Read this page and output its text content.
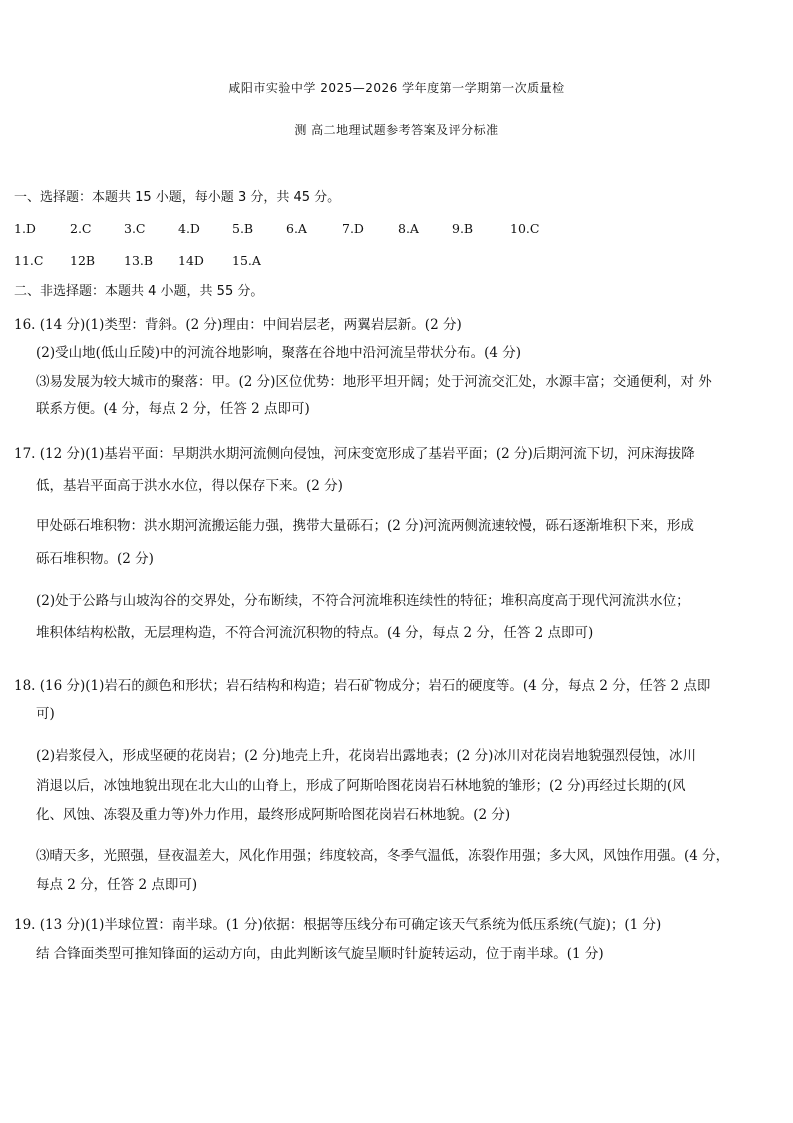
咸阳市实验中学 2025—2026 学年度第一学期第一次质量检
测 高二地理试题参考答案及评分标准
一、选择题：本题共 15 小题，每小题 3 分，共 45 分。
1.D	2.C	3.C	4.D	5.B	6.A	7.D	8.A	9.B	10.C
11.C 12B 13.B 14D 15.A
二、非选择题：本题共 4 小题，共 55 分。
16. (14 分)(1)类型：背斜。(2 分)理由：中间岩层老，两翼岩层新。(2 分)
(2)受山地(低山丘陵)中的河流谷地影响，聚落在谷地中沿河流呈带状分布。(4 分)
⑶易发展为较大城市的聚落：甲。(2 分)区位优势：地形平坦开阔；处于河流交汇处，水源丰富；交通便利，对 外
联系方便。(4 分，每点 2 分，任答 2 点即可)
17. (12 分)(1)基岩平面：早期洪水期河流侧向侵蚀，河床变宽形成了基岩平面；(2 分)后期河流下切，河床海拔降
低，基岩平面高于洪水水位，得以保存下来。(2 分)
甲处砾石堆积物：洪水期河流搬运能力强，携带大量砾石；(2 分)河流两侧流速较慢，砾石逐渐堆积下来，形成
砾石堆积物。(2 分)
(2)处于公路与山坡沟谷的交界处，分布断续，不符合河流堆积连续性的特征；堆积高度高于现代河流洪水位；
堆积体结构松散，无层理构造，不符合河流沉积物的特点。(4 分，每点 2 分，任答 2 点即可)
18. (16 分)(1)岩石的颜色和形状；岩石结构和构造；岩石矿物成分；岩石的硬度等。(4 分，每点 2 分，任答 2 点即
可)
(2)岩浆侵入，形成坚硬的花岗岩；(2 分)地壳上升，花岗岩出露地表；(2 分)冰川对花岗岩地貌强烈侵蚀，冰川
消退以后，冰蚀地貌出现在北大山的山脊上，形成了阿斯哈图花岗岩石林地貌的雏形；(2 分)再经过长期的(风
化、风蚀、冻裂及重力等)外力作用，最终形成阿斯哈图花岗岩石林地貌。(2 分)
⑶晴天多，光照强，昼夜温差大，风化作用强；纬度较高，冬季气温低，冻裂作用强；多大风，风蚀作用强。(4 分，
每点 2 分，任答 2 点即可)
19. (13 分)(1)半球位置：南半球。(1 分)依据：根据等压线分布可确定该天气系统为低压系统(气旋)；(1 分)
结 合锋面类型可推知锋面的运动方向，由此判断该气旋呈顺时针旋转运动，位于南半球。(1 分)
